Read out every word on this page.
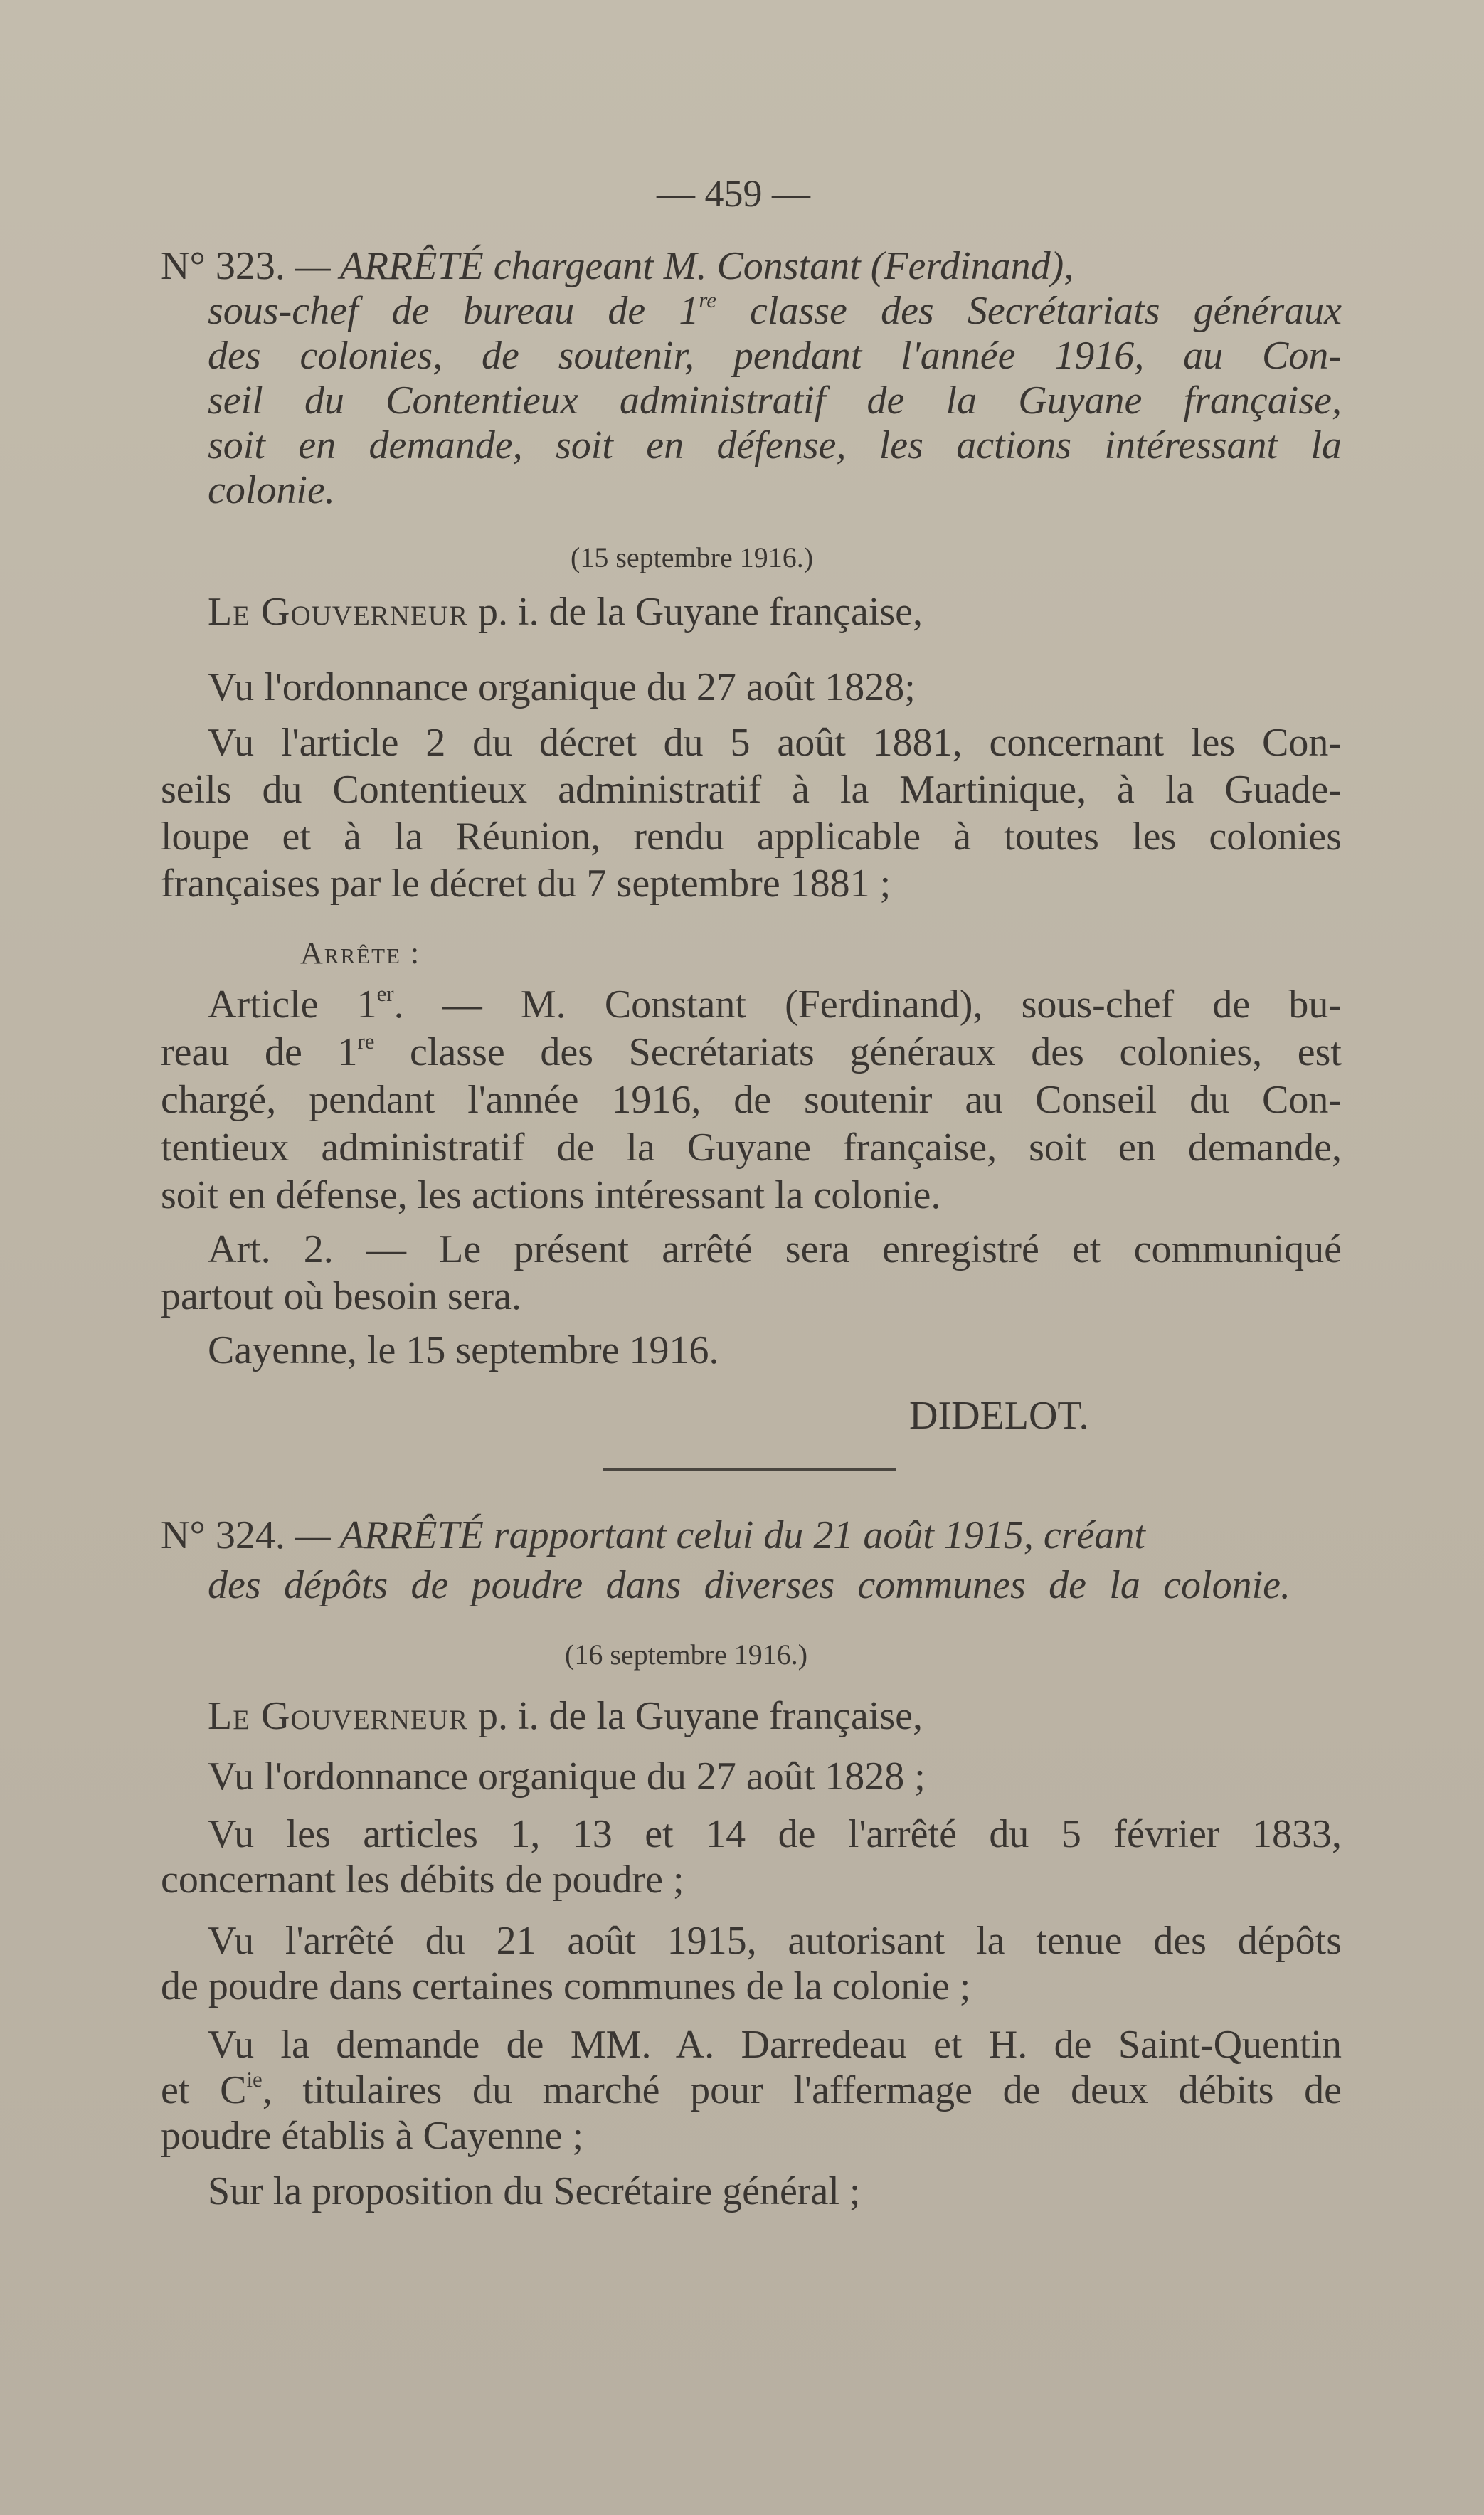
— 459 —

N° 323. — ARRÊTÉ chargeant M. Constant (Ferdinand),

sous-chef de bureau de 1re classe des Secrétariats généraux

des colonies, de soutenir, pendant l'année 1916, au Con-

seil du Contentieux administratif de la Guyane française,

soit en demande, soit en défense, les actions intéressant la

colonie.

(15 septembre 1916.)

Le Gouverneur p. i. de la Guyane française,

Vu l'ordonnance organique du 27 août 1828;

Vu l'article 2 du décret du 5 août 1881, concernant les Con-

seils du Contentieux administratif à la Martinique, à la Guade-

loupe et à la Réunion, rendu applicable à toutes les colonies

françaises par le décret du 7 septembre 1881 ;

Arrête :

Article 1er. — M. Constant (Ferdinand), sous-chef de bu-

reau de 1re classe des Secrétariats généraux des colonies, est

chargé, pendant l'année 1916, de soutenir au Conseil du Con-

tentieux administratif de la Guyane française, soit en demande,

soit en défense, les actions intéressant la colonie.

Art. 2. — Le présent arrêté sera enregistré et communiqué

partout où besoin sera.

Cayenne, le 15 septembre 1916.

DIDELOT.

N° 324. — ARRÊTÉ rapportant celui du 21 août 1915, créant

des dépôts de poudre dans diverses communes de la colonie.

(16 septembre 1916.)

Le Gouverneur p. i. de la Guyane française,

Vu l'ordonnance organique du 27 août 1828 ;

Vu les articles 1, 13 et 14 de l'arrêté du 5 février 1833,

concernant les débits de poudre ;

Vu l'arrêté du 21 août 1915, autorisant la tenue des dépôts

de poudre dans certaines communes de la colonie ;

Vu la demande de MM. A. Darredeau et H. de Saint-Quentin

et $C^{ie}$, titulaires du marché pour l'affermage de deux débits de

poudre établis à Cayenne ;

Sur la proposition du Secrétaire général ;
